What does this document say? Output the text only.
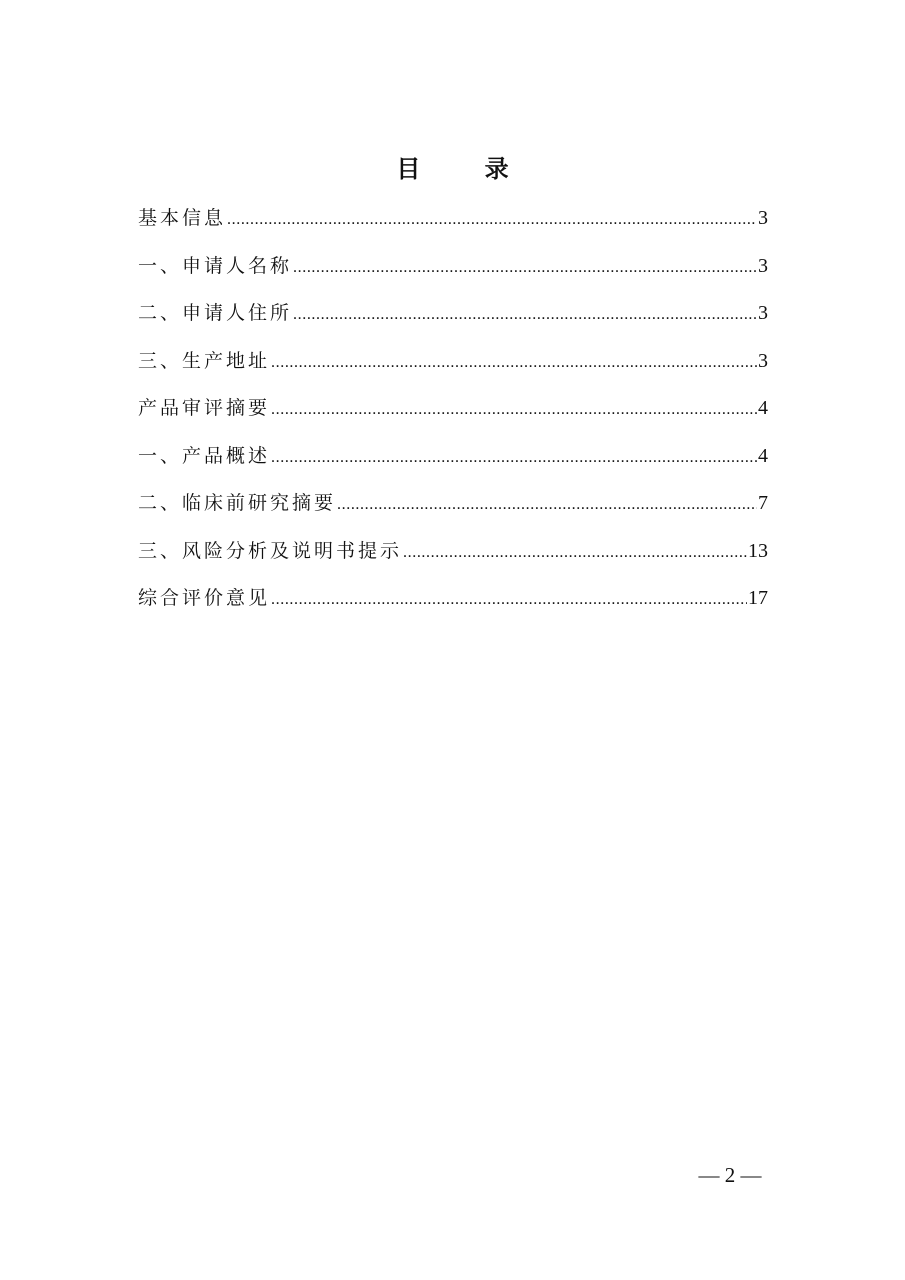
目 录
基本信息 .....	3
一、申请人名称 .....	3
二、申请人住所 .....	3
三、生产地址 .....	3
产品审评摘要 .....	4
一、产品概述 .....	4
二、临床前研究摘要 .....	7
三、风险分析及说明书提示 .....	13
综合评价意见 .....	17
— 2 —
